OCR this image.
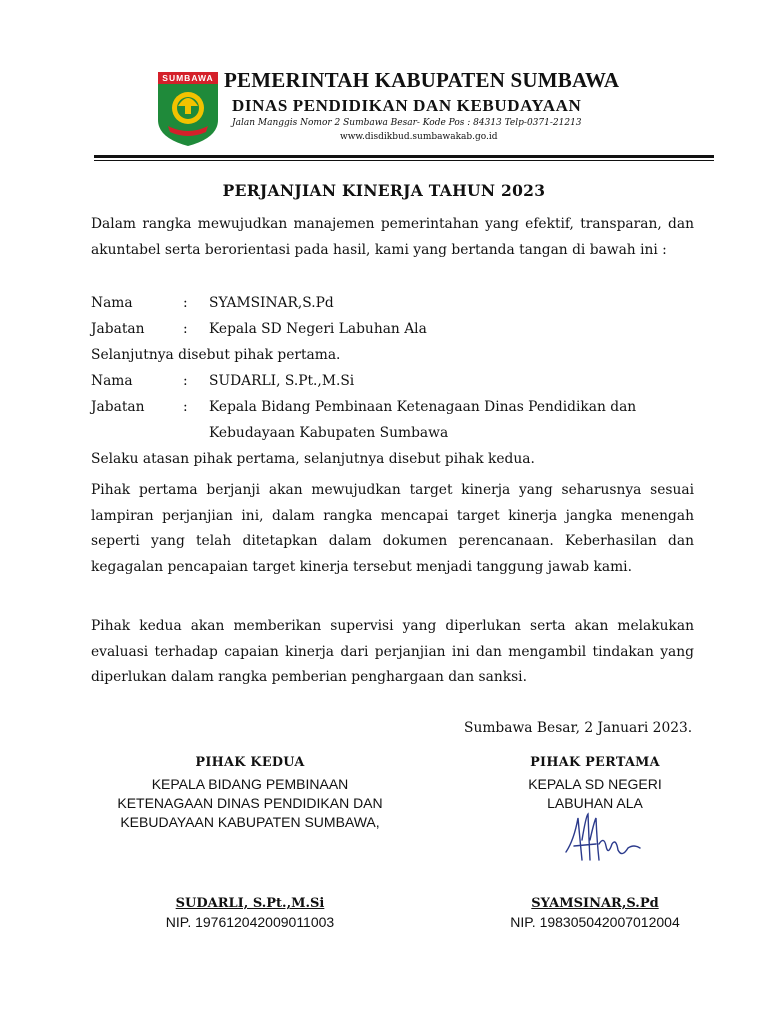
SUMBAWA PEMERINTAH KABUPATEN SUMBAWA
DINAS PENDIDIKAN DAN KEBUDAYAAN
Jalan Manggis Nomor 2 Sumbawa Besar- Kode Pos : 84313 Telp-0371-21213
www.disdikbud.sumbawakab.go.id
PERJANJIAN KINERJA TAHUN 2023
Dalam rangka mewujudkan manajemen pemerintahan yang efektif, transparan, dan akuntabel serta berorientasi pada hasil, kami yang bertanda tangan di bawah ini :
Nama	: SYAMSINAR,S.Pd
Jabatan	: Kepala SD Negeri Labuhan Ala
Selanjutnya disebut pihak pertama.
Nama	: SUDARLI, S.Pt.,M.Si
Jabatan	: Kepala Bidang Pembinaan Ketenagaan Dinas Pendidikan dan
Kebudayaan Kabupaten Sumbawa
Selaku atasan pihak pertama, selanjutnya disebut pihak kedua.
Pihak pertama berjanji akan mewujudkan target kinerja yang seharusnya sesuai lampiran perjanjian ini, dalam rangka mencapai target kinerja jangka menengah seperti yang telah ditetapkan dalam dokumen perencanaan. Keberhasilan dan kegagalan pencapaian target kinerja tersebut menjadi tanggung jawab kami.
Pihak kedua akan memberikan supervisi yang diperlukan serta akan melakukan evaluasi terhadap capaian kinerja dari perjanjian ini dan mengambil tindakan yang diperlukan dalam rangka pemberian penghargaan dan sanksi.
Sumbawa Besar, 2 Januari 2023.
PIHAK KEDUA
KEPALA BIDANG PEMBINAAN
KETENAGAAN DINAS PENDIDIKAN DAN
KEBUDAYAAN KABUPATEN SUMBAWA,
SUDARLI, S.Pt.,M.Si
NIP. 197612042009011003
PIHAK PERTAMA
KEPALA SD NEGERI
LABUHAN ALA
SYAMSINAR,S.Pd
NIP. 198305042007012004
